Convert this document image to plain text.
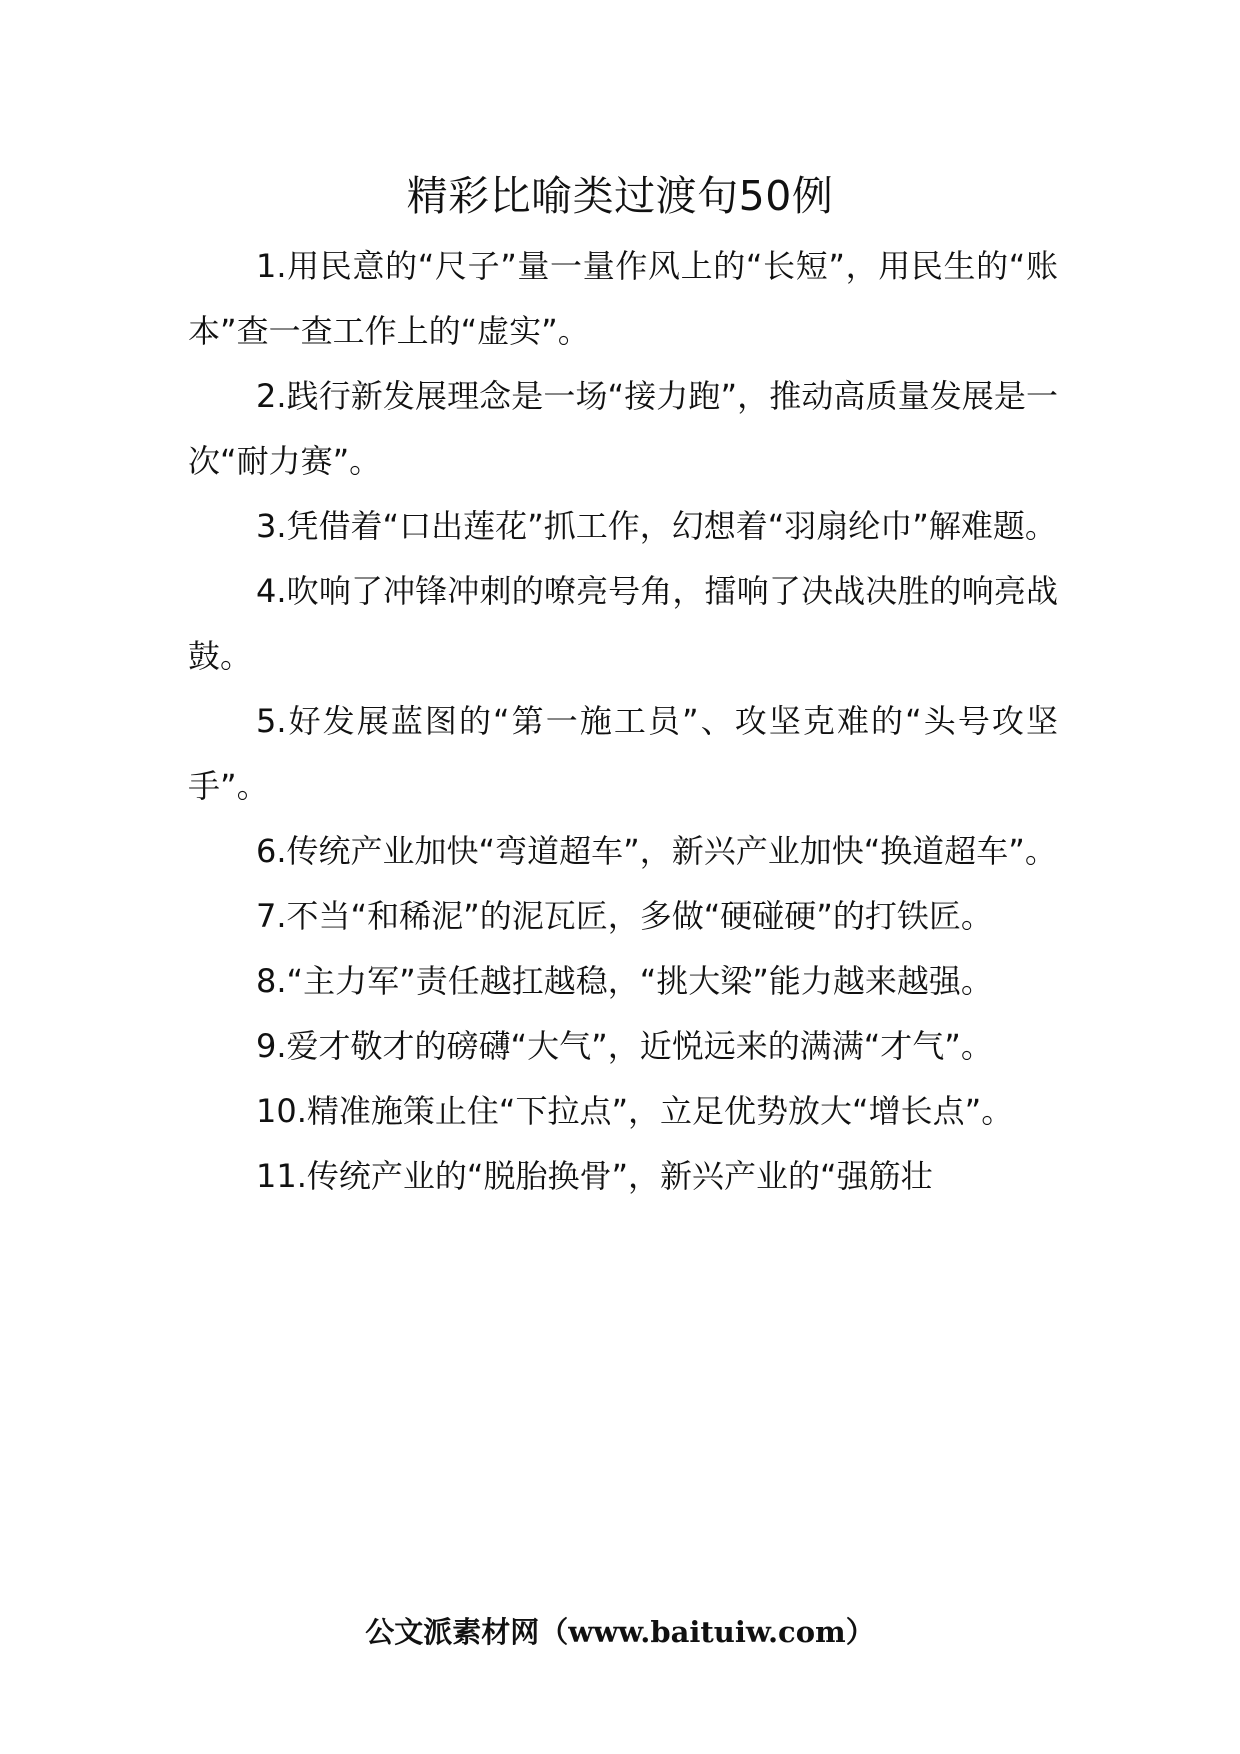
精彩比喻类过渡句50例

1.用民意的“尺子”量一量作风上的“长短”，用民生的“账本”查一查工作上的“虚实”。

2.践行新发展理念是一场“接力跑”，推动高质量发展是一次“耐力赛”。

3.凭借着“口出莲花”抓工作，幻想着“羽扇纶巾”解难题。

4.吹响了冲锋冲刺的嘹亮号角，擂响了决战决胜的响亮战鼓。

5.好发展蓝图的“第一施工员”、攻坚克难的“头号攻坚手”。

6.传统产业加快“弯道超车”，新兴产业加快“换道超车”。

7.不当“和稀泥”的泥瓦匠，多做“硬碰硬”的打铁匠。

8.“主力军”责任越扛越稳，“挑大梁”能力越来越强。

9.爱才敬才的磅礴“大气”，近悦远来的满满“才气”。

10.精准施策止住“下拉点”，立足优势放大“增长点”。

11.传统产业的“脱胎换骨”，新兴产业的“强筋壮

公文派素材网（www.baituiw.com）
